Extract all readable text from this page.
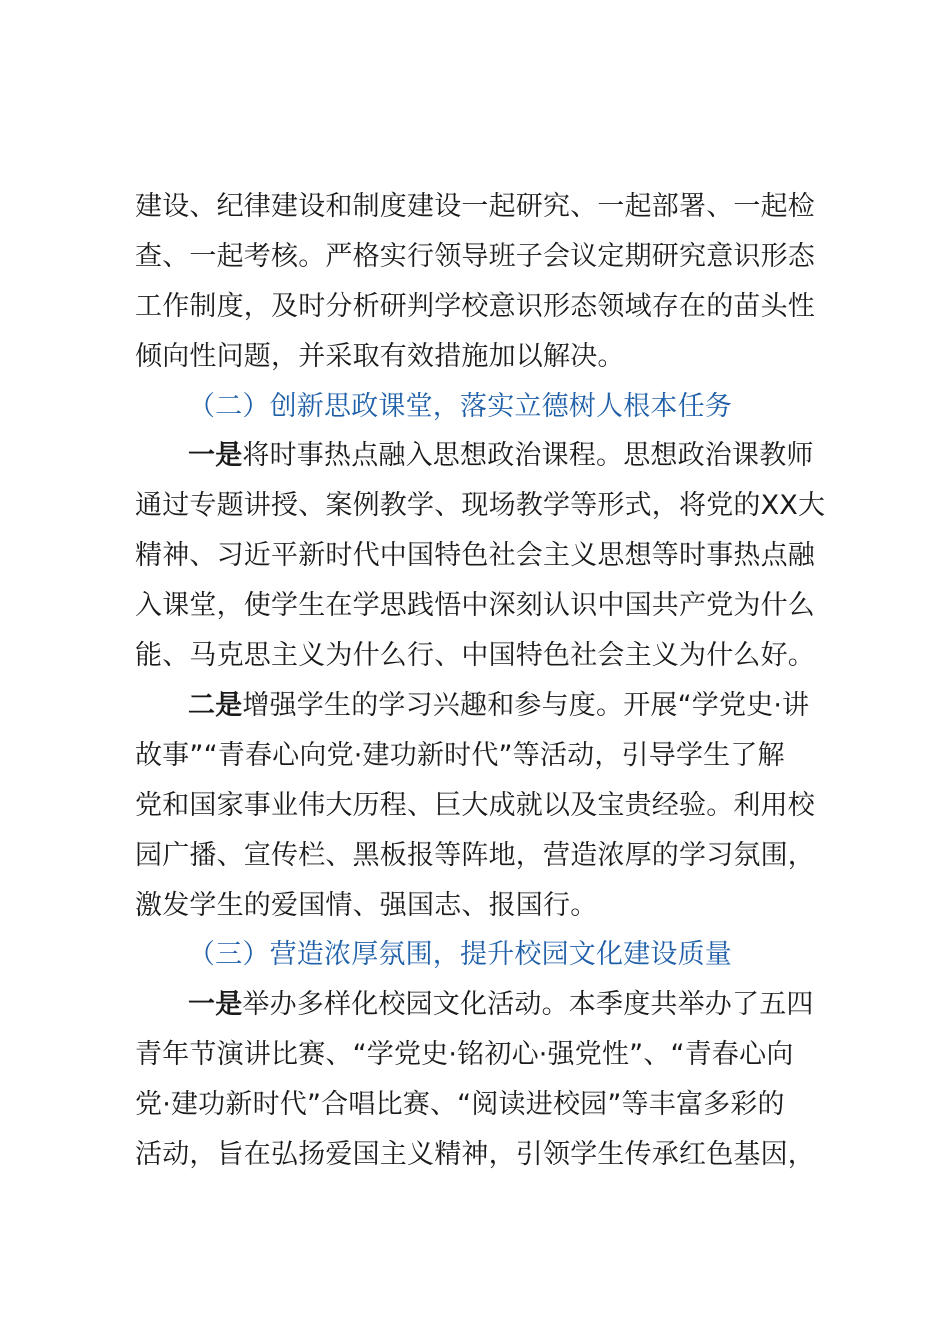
建设、纪律建设和制度建设一起研究、一起部署、一起检
查、一起考核。严格实行领导班子会议定期研究意识形态
工作制度，及时分析研判学校意识形态领域存在的苗头性
倾向性问题，并采取有效措施加以解决。
（二）创新思政课堂，落实立德树人根本任务
一是将时事热点融入思想政治课程。思想政治课教师
通过专题讲授、案例教学、现场教学等形式，将党的XX大
精神、习近平新时代中国特色社会主义思想等时事热点融
入课堂，使学生在学思践悟中深刻认识中国共产党为什么
能、马克思主义为什么行、中国特色社会主义为什么好。
二是增强学生的学习兴趣和参与度。开展“学党史·讲
故事”“青春心向党·建功新时代”等活动，引导学生了解
党和国家事业伟大历程、巨大成就以及宝贵经验。利用校
园广播、宣传栏、黑板报等阵地，营造浓厚的学习氛围，
激发学生的爱国情、强国志、报国行。
（三）营造浓厚氛围，提升校园文化建设质量
一是举办多样化校园文化活动。本季度共举办了五四
青年节演讲比赛、“学党史·铭初心·强党性”、“青春心向
党·建功新时代”合唱比赛、“阅读进校园”等丰富多彩的
活动，旨在弘扬爱国主义精神，引领学生传承红色基因，
